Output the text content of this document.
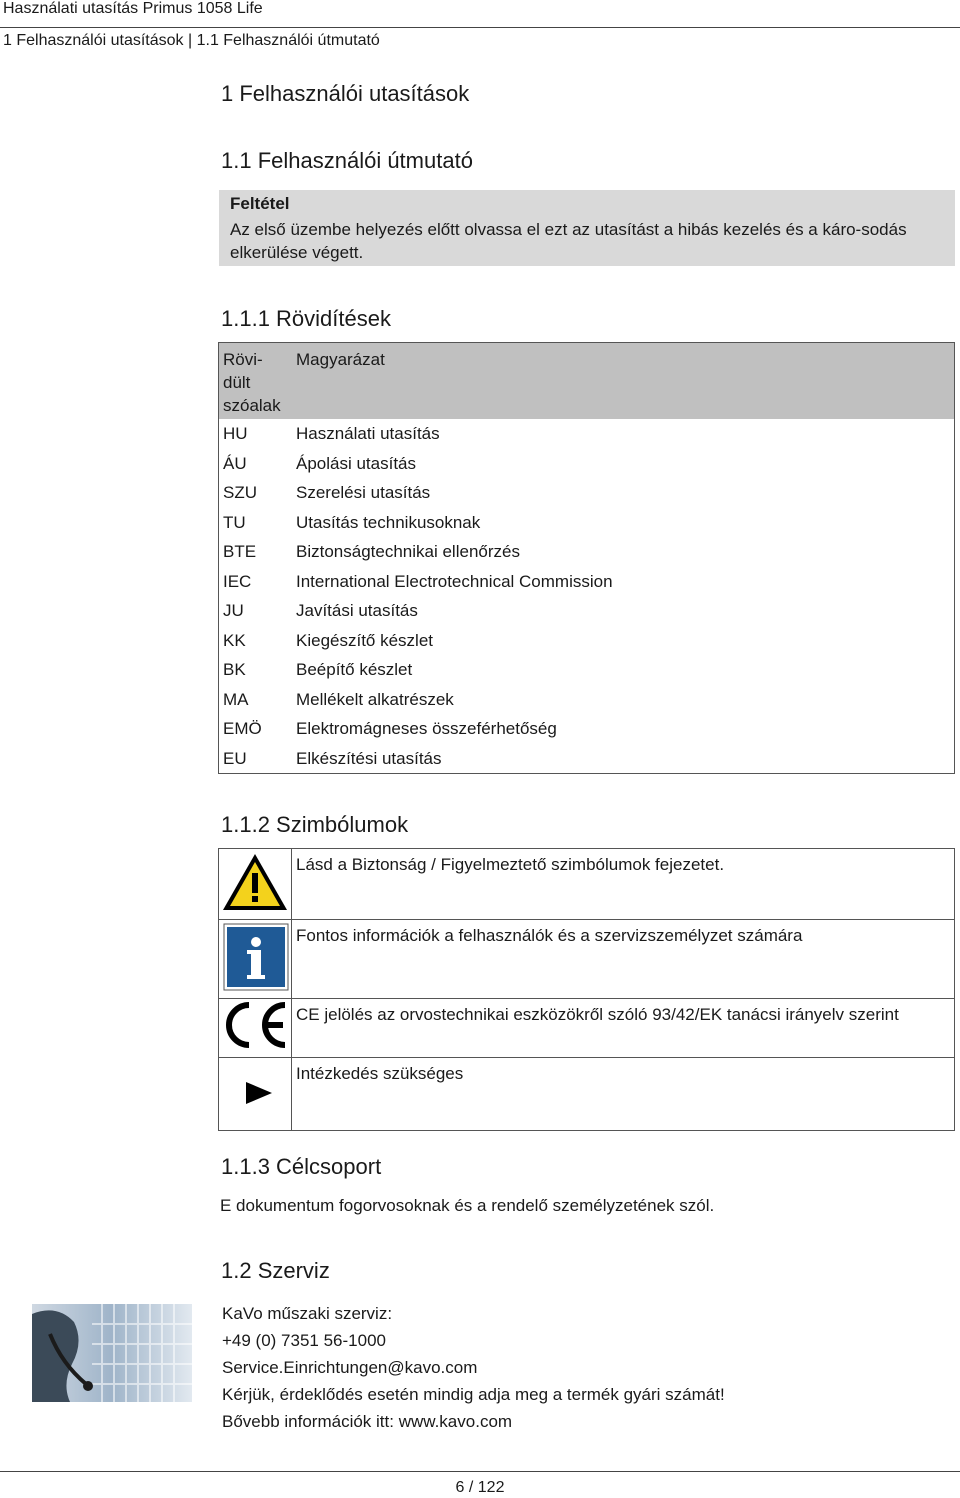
Használati utasítás Primus 1058 Life
1 Felhasználói utasítások | 1.1 Felhasználói útmutató
1 Felhasználói utasítások
1.1 Felhasználói útmutató
Feltétel
Az első üzembe helyezés előtt olvassa el ezt az utasítást a hibás kezelés és a káro-sodás elkerülése végett.
1.1.1 Rövidítések
Rövi-dült szóalak	Magyarázat
HU	Használati utasítás
ÁU	Ápolási utasítás
SZU	Szerelési utasítás
TU	Utasítás technikusoknak
BTE	Biztonságtechnikai ellenőrzés
IEC	International Electrotechnical Commission
JU	Javítási utasítás
KK	Kiegészítő készlet
BK	Beépítő készlet
MA	Mellékelt alkatrészek
EMÖ	Elektromágneses összeférhetőség
EU	Elkészítési utasítás
1.1.2 Szimbólumok
	Lásd a Biztonság / Figyelmeztető szimbólumok fejezetet.
	Fontos információk a felhasználók és a szervizszemélyzet számára
	CE jelölés az orvostechnikai eszközökről szóló 93/42/EK tanácsi irányelv szerint
	Intézkedés szükséges
1.1.3 Célcsoport
E dokumentum fogorvosoknak és a rendelő személyzetének szól.
1.2 Szerviz
KaVo műszaki szerviz:
+49 (0) 7351 56-1000
Service.Einrichtungen@kavo.com
Kérjük, érdeklődés esetén mindig adja meg a termék gyári számát!
Bővebb információk itt: www.kavo.com
6 / 122
